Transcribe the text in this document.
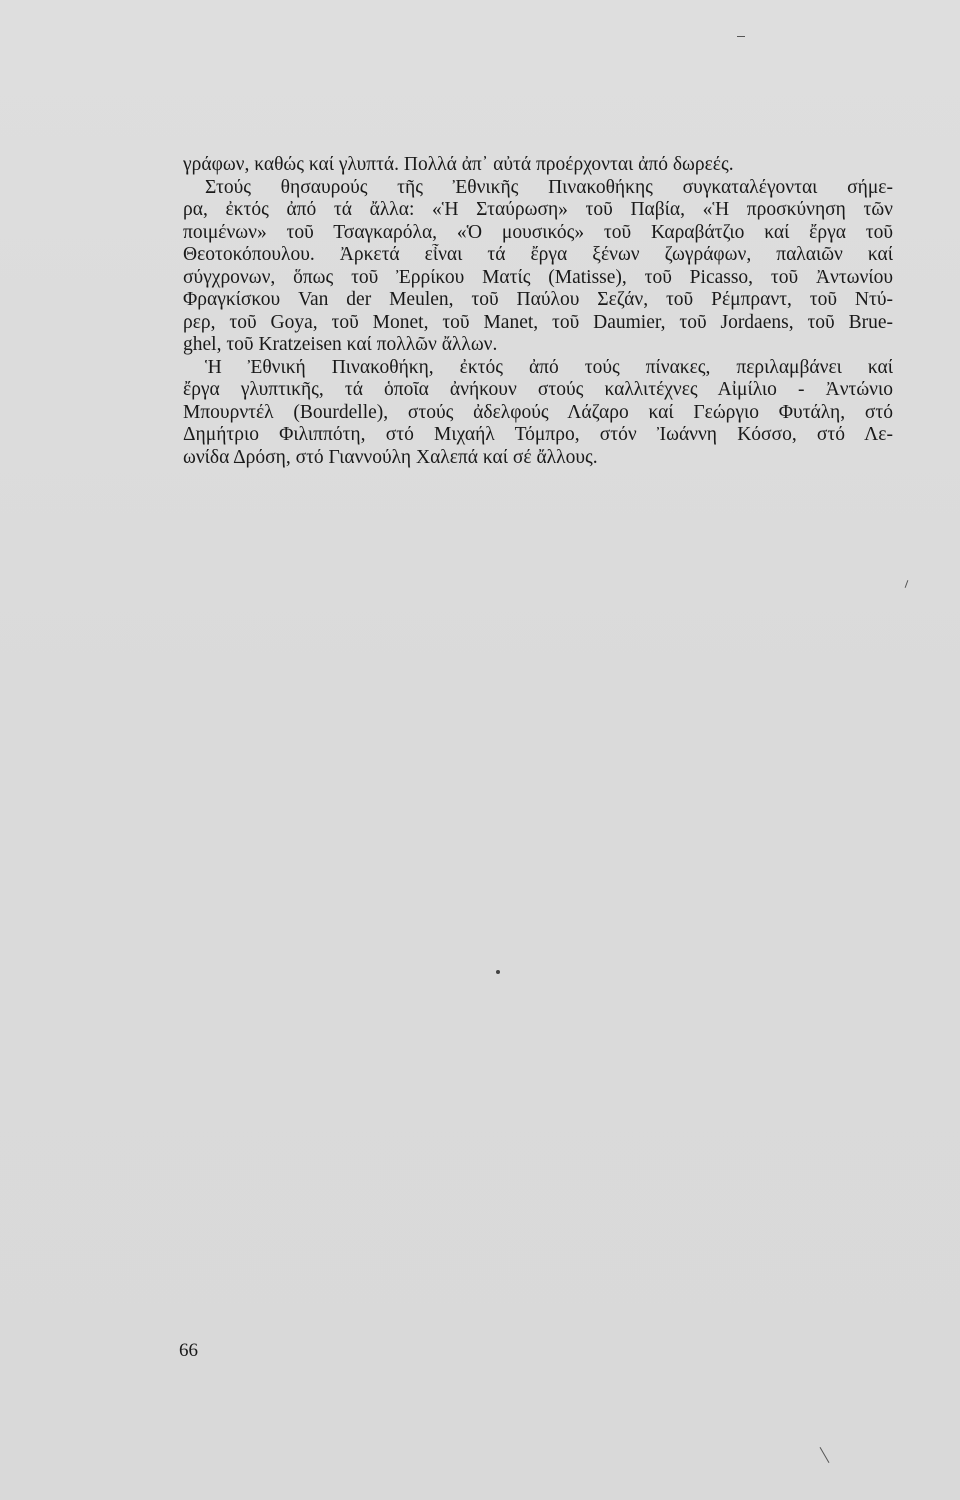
γράφων, καθώς καί γλυπτά. Πολλά ἀπ᾽ αὐτά προέρχονται ἀπό δωρεές.
Στούς θησαυρούς τῆς Ἐθνικῆς Πινακοθήκης συγκαταλέγονται σήμε-
ρα, ἐκτός ἀπό τά ἄλλα: «Ἡ Σταύρωση» τοῦ Παβία, «Ἡ προσκύνηση τῶν
ποιμένων» τοῦ Τσαγκαρόλα, «Ὁ μουσικός» τοῦ Καραβάτζιο καί ἔργα τοῦ
Θεοτοκόπουλου. Ἀρκετά εἶναι τά ἔργα ξένων ζωγράφων, παλαιῶν καί
σύγχρονων, ὅπως τοῦ Ἐρρίκου Ματίς (Matisse), τοῦ Picasso, τοῦ Ἀντωνίου
Φραγκίσκου Van der Meulen, τοῦ Παύλου Σεζάν, τοῦ Ρέμπραντ, τοῦ Ντύ-
ρερ, τοῦ Goya, τοῦ Monet, τοῦ Manet, τοῦ Daumier, τοῦ Jordaens, τοῦ Brue-
ghel, τοῦ Kratzeisen καί πολλῶν ἄλλων.
Ἡ Ἐθνική Πινακοθήκη, ἐκτός ἀπό τούς πίνακες, περιλαμβάνει καί
ἔργα γλυπτικῆς, τά ὁποῖα ἀνήκουν στούς καλλιτέχνες Αἰμίλιο - Ἀντώνιο
Μπουρντέλ (Bourdelle), στούς ἀδελφούς Λάζαρο καί Γεώργιο Φυτάλη, στό
Δημήτριο Φιλιππότη, στό Μιχαήλ Τόμπρο, στόν Ἰωάννη Κόσσο, στό Λε-
ωνίδα Δρόση, στό Γιαννούλη Χαλεπά καί σέ ἄλλους.
66
